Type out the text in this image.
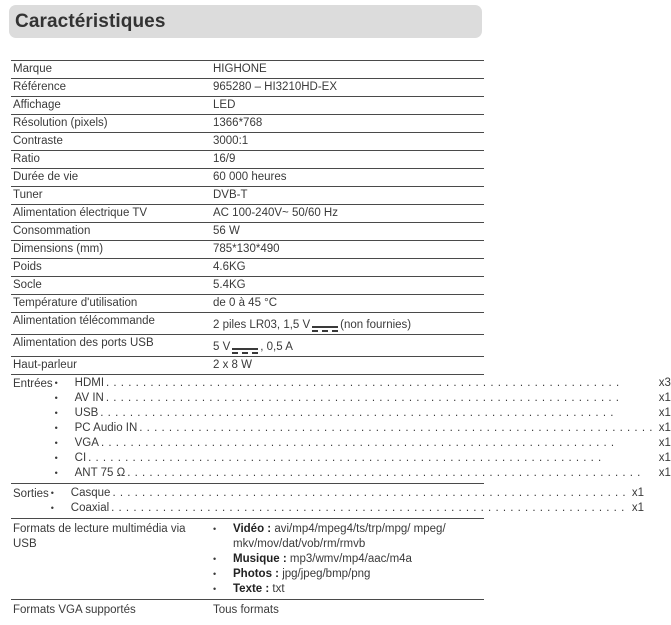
Caractéristiques
Marque	HIGHONE
Référence	965280 – HI3210HD-EX
Affichage	LED
Résolution (pixels)	1366*768
Contraste	3000:1
Ratio	16/9
Durée de vie	60 000 heures
Tuner	DVB-T
Alimentation électrique TV	AC 100-240V~ 50/60 Hz
Consommation	56 W
Dimensions (mm)	785*130*490
Poids	4.6KG
Socle	5.4KG
Température d'utilisation	de 0 à 45 °C
Alimentation télécommande	2 piles LR03, 1,5 V	(non fournies)
Alimentation des ports USB	5 V	, 0,5 A
Haut-parleur	2 x 8 W
Entrées •	HDMI . . .	x3
•	AV IN . . .	x1
•	USB . . .	x1
•	PC Audio IN . . .	x1
•	VGA . . .	x1
•	CI . . .	x1
•	ANT 75 Ω . . .	x1
Sorties •	Casque . . .	x1
•	Coaxial . . .	x1
Formats de lecture multimédia via USB
•	Vidéo : avi/mp4/mpeg4/ts/trp/mpg/ mpeg/ mkv/mov/dat/vob/rm/rmvb
•	Musique : mp3/wmv/mp4/aac/m4a
•	Photos : jpg/jpeg/bmp/png
•	Texte : txt
Formats VGA supportés	Tous formats
